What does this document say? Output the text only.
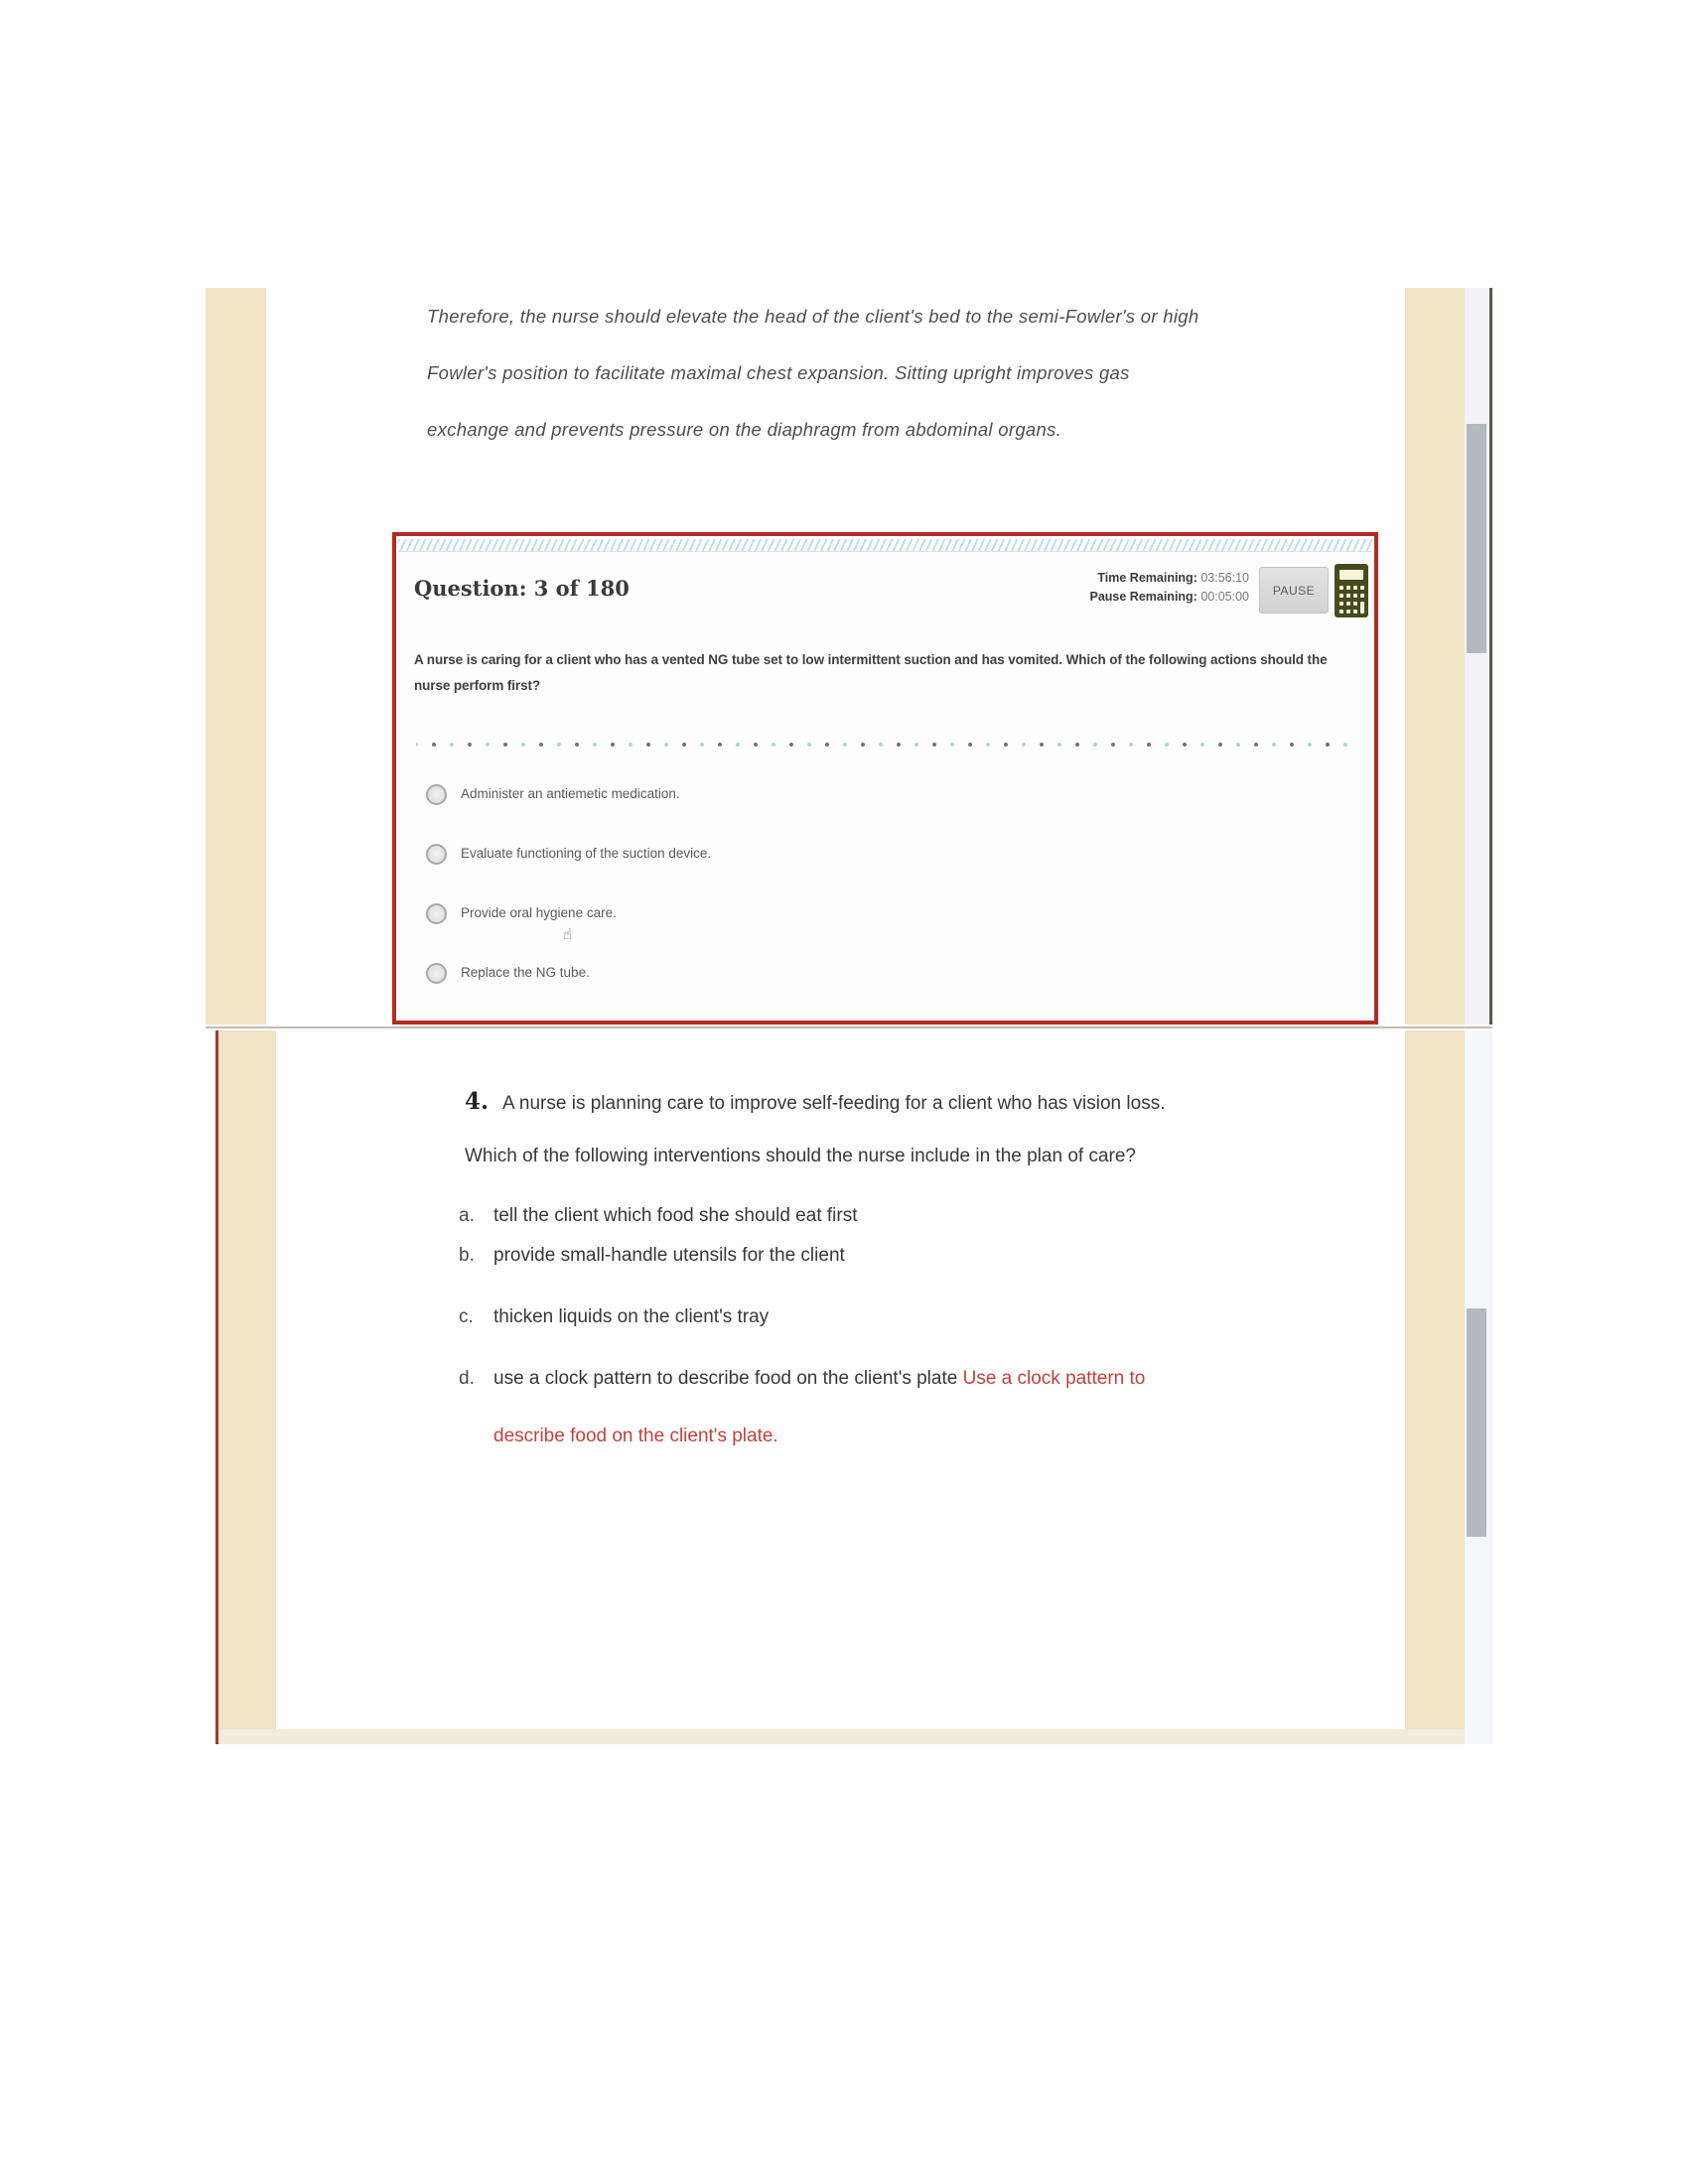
Therefore, the nurse should elevate the head of the client's bed to the semi-Fowler's or high
Fowler's position to facilitate maximal chest expansion. Sitting upright improves gas
exchange and prevents pressure on the diaphragm from abdominal organs.
Question: 3 of 180	Time Remaining: 03:56:10
Pause Remaining: 00:05:00	PAUSE
A nurse is caring for a client who has a vented NG tube set to low intermittent suction and has vomited. Which of the following actions should the nurse perform first?
Administer an antiemetic medication.
Evaluate functioning of the suction device.
Provide oral hygiene care.
☝
Replace the NG tube.
4. A nurse is planning care to improve self-feeding for a client who has vision loss.
Which of the following interventions should the nurse include in the plan of care?
a. tell the client which food she should eat first
b. provide small-handle utensils for the client
c. thicken liquids on the client's tray
d. use a clock pattern to describe food on the client's plate Use a clock pattern to
describe food on the client's plate.
